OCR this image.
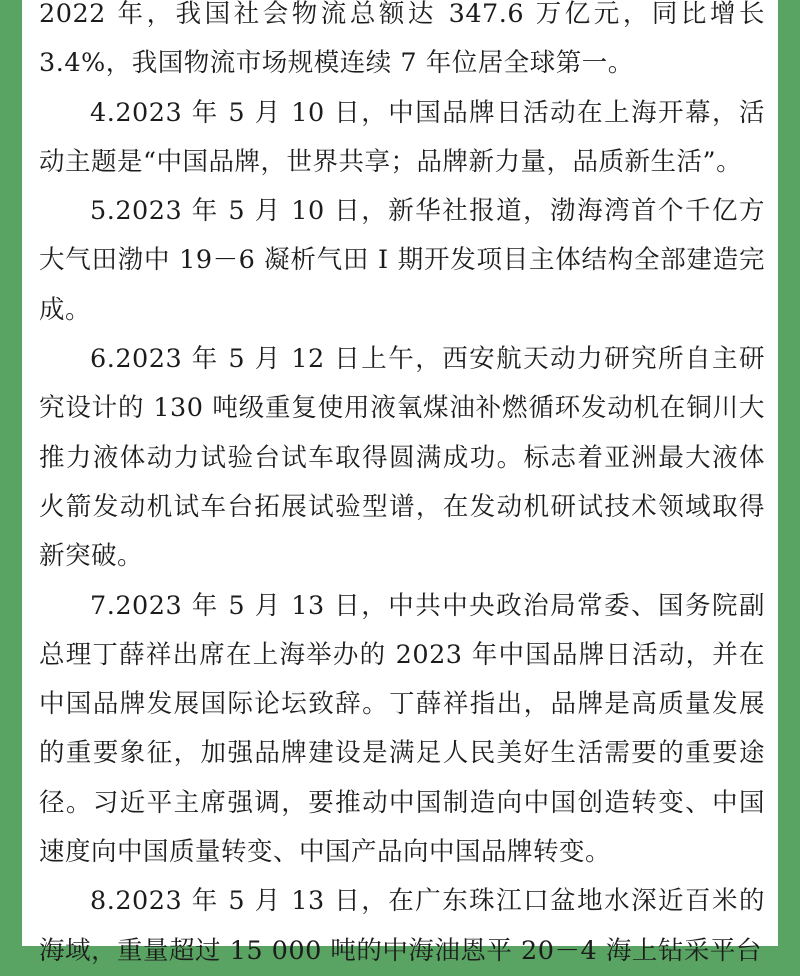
2022 年，我国社会物流总额达 347.6 万亿元，同比增长 3.4%，我国物流市场规模连续 7 年位居全球第一。

4.2023 年 5 月 10 日，中国品牌日活动在上海开幕，活动主题是“中国品牌，世界共享；品牌新力量，品质新生活”。

5.2023 年 5 月 10 日，新华社报道，渤海湾首个千亿方大气田渤中 19－6 凝析气田 Ⅰ 期开发项目主体结构全部建造完成。

6.2023 年 5 月 12 日上午，西安航天动力研究所自主研究设计的 130 吨级重复使用液氧煤油补燃循环发动机在铜川大推力液体动力试验台试车取得圆满成功。标志着亚洲最大液体火箭发动机试车台拓展试验型谱，在发动机研试技术领域取得新突破。

7.2023 年 5 月 13 日，中共中央政治局常委、国务院副总理丁薛祥出席在上海举办的 2023 年中国品牌日活动，并在中国品牌发展国际论坛致辞。丁薛祥指出，品牌是高质量发展的重要象征，加强品牌建设是满足人民美好生活需要的重要途径。习近平主席强调，要推动中国制造向中国创造转变、中国速度向中国质量转变、中国产品向中国品牌转变。

8.2023 年 5 月 13 日，在广东珠江口盆地水深近百米的海域，重量超过 15 000 吨的中海油恩平 20－4 海上钻采平台
